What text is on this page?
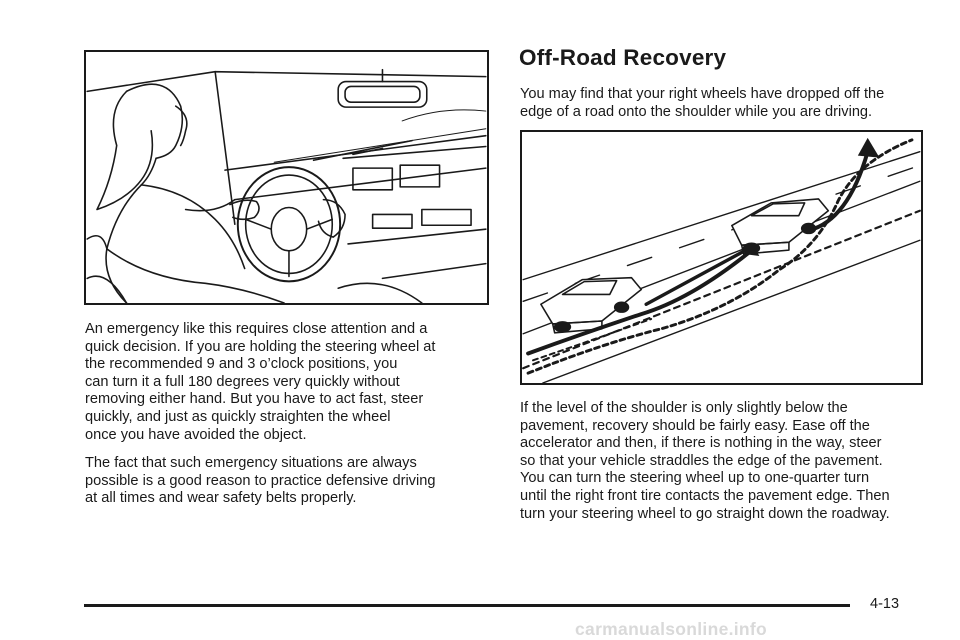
An emergency like this requires close attention and a
quick decision. If you are holding the steering wheel at
the recommended 9 and 3 o’clock positions, you
can turn it a full 180 degrees very quickly without
removing either hand. But you have to act fast, steer
quickly, and just as quickly straighten the wheel
once you have avoided the object.
The fact that such emergency situations are always
possible is a good reason to practice defensive driving
at all times and wear safety belts properly.
Off-Road Recovery
You may find that your right wheels have dropped off the
edge of a road onto the shoulder while you are driving.
If the level of the shoulder is only slightly below the
pavement, recovery should be fairly easy. Ease off the
accelerator and then, if there is nothing in the way, steer
so that your vehicle straddles the edge of the pavement.
You can turn the steering wheel up to one-quarter turn
until the right front tire contacts the pavement edge. Then
turn your steering wheel to go straight down the roadway.
4-13
carmanualsonline.info
